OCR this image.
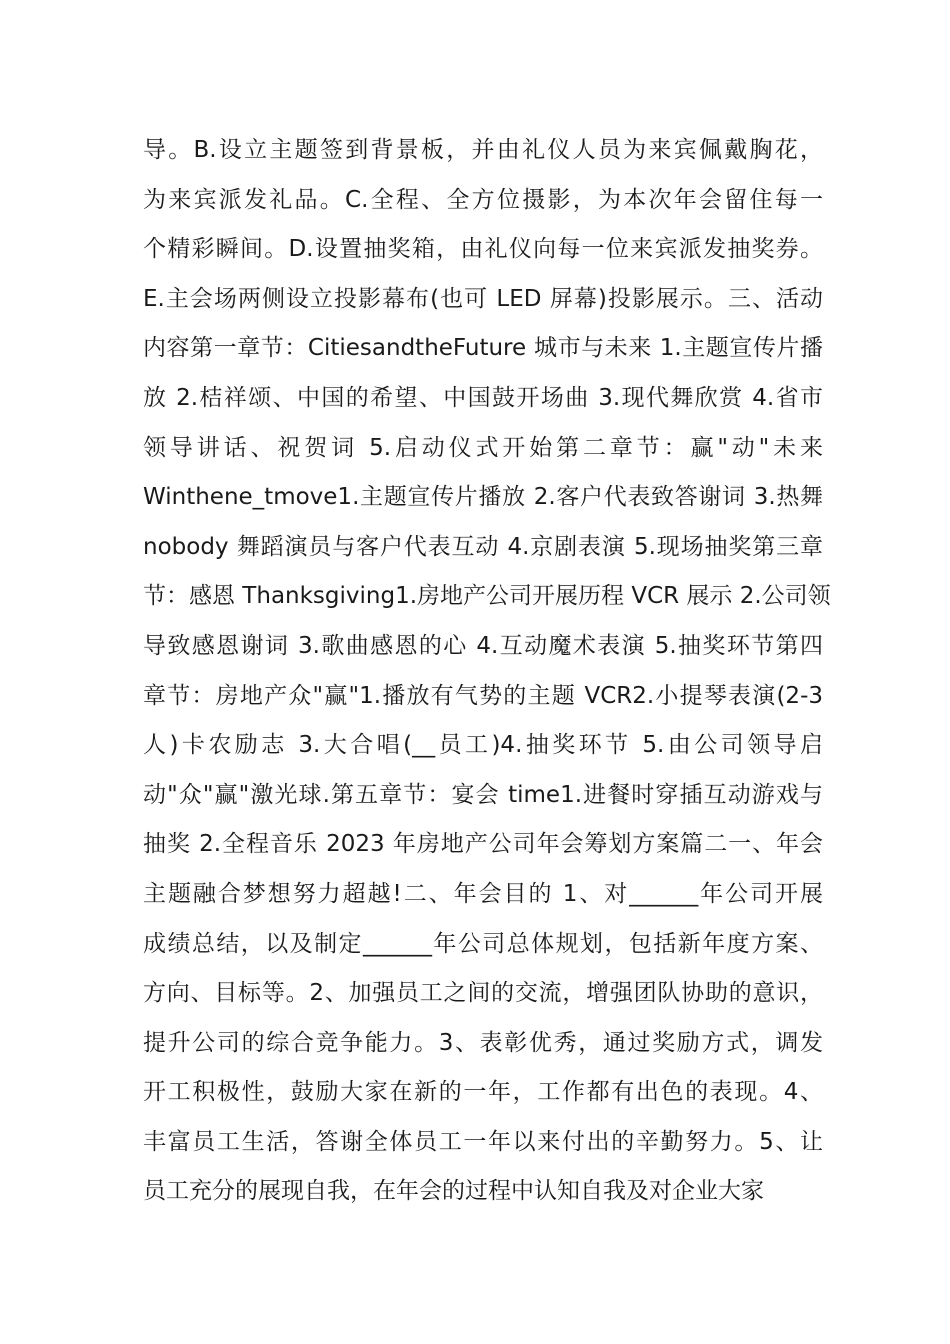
导。B.设立主题签到背景板，并由礼仪人员为来宾佩戴胸花，
为来宾派发礼品。C.全程、全方位摄影，为本次年会留住每一
个精彩瞬间。D.设置抽奖箱，由礼仪向每一位来宾派发抽奖券。
E.主会场两侧设立投影幕布(也可 LED 屏幕)投影展示。三、活动
内容第一章节：CitiesandtheFuture 城市与未来 1.主题宣传片播
放 2.桔祥颂、中国的希望、中国鼓开场曲 3.现代舞欣赏 4.省市
领导讲话、祝贺词 5.启动仪式开始第二章节：赢"动"未来
Winthene_tmove1.主题宣传片播放 2.客户代表致答谢词 3.热舞
nobody 舞蹈演员与客户代表互动 4.京剧表演 5.现场抽奖第三章
节：感恩 Thanksgiving1.房地产公司开展历程 VCR 展示 2.公司领
导致感恩谢词 3.歌曲感恩的心 4.互动魔术表演 5.抽奖环节第四
章节：房地产众"赢"1.播放有气势的主题 VCR2.小提琴表演(2-3
人)卡农励志 3.大合唱(__员工)4.抽奖环节 5.由公司领导启
动"众"赢"激光球.第五章节：宴会 time1.进餐时穿插互动游戏与
抽奖 2.全程音乐 2023 年房地产公司年会筹划方案篇二一、年会
主题融合梦想努力超越!二、年会目的 1、对______年公司开展
成绩总结，以及制定______年公司总体规划，包括新年度方案、
方向、目标等。2、加强员工之间的交流，增强团队协助的意识，
提升公司的综合竞争能力。3、表彰优秀，通过奖励方式，调发
开工积极性，鼓励大家在新的一年，工作都有出色的表现。4、
丰富员工生活，答谢全体员工一年以来付出的辛勤努力。5、让
员工充分的展现自我，在年会的过程中认知自我及对企业大家
